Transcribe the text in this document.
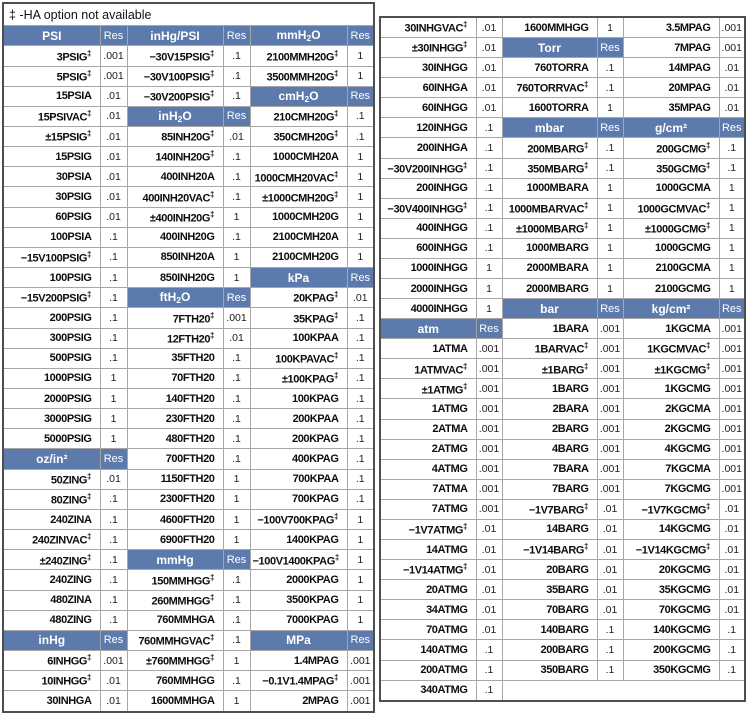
‡ -HA option not available					
PSI	Res	inHg/PSI	Res	mmH$_2$O	Res
3PSIG‡	.001	−30V15PSIG‡	.1	2100MMH20G‡	1
5PSIG‡	.001	−30V100PSIG‡	.1	3500MMH20G‡	1
15PSIA	.01	−30V200PSIG‡	.1	cmH$_2$O	Res
15PSIVAC‡	.01	inH$_2$O	Res	210CMH20G‡	.1
±15PSIG‡	.01	85INH20G‡	.01	350CMH20G‡	.1
15PSIG	.01	140INH20G‡	.1	1000CMH20A	1
30PSIA	.01	400INH20A	.1	1000CMH20VAC‡	1
30PSIG	.01	400INH20VAC‡	.1	±1000CMH20G‡	1
60PSIG	.01	±400INH20G‡	1	1000CMH20G	1
100PSIA	.1	400INH20G	.1	2100CMH20A	1
−15V100PSIG‡	.1	850INH20A	1	2100CMH20G	1
100PSIG	.1	850INH20G	1	kPa	Res
−15V200PSIG‡	.1	ftH$_2$O	Res	20KPAG‡	.01
200PSIG	.1	7FTH20‡	.001	35KPAG‡	.1
300PSIG	.1	12FTH20‡	.01	100KPAA	.1
500PSIG	.1	35FTH20	.1	100KPAVAC‡	.1
1000PSIG	1	70FTH20	.1	±100KPAG‡	.1
2000PSIG	1	140FTH20	.1	100KPAG	.1
3000PSIG	1	230FTH20	.1	200KPAA	.1
5000PSIG	1	480FTH20	.1	200KPAG	.1
oz/in²	Res	700FTH20	.1	400KPAG	.1
50ZING‡	.01	1150FTH20	1	700KPAA	.1
80ZING‡	.1	2300FTH20	1	700KPAG	.1
240ZINA	.1	4600FTH20	1	−100V700KPAG‡	1
240ZINVAC‡	.1	6900FTH20	1	1400KPAG	1
±240ZING‡	.1	mmHg	Res	−100V1400KPAG‡	1
240ZING	.1	150MMHGG‡	.1	2000KPAG	1
480ZINA	.1	260MMHGG‡	.1	3500KPAG	1
480ZING	.1	760MMHGA	.1	7000KPAG	1
inHg	Res	760MMHGVAC‡	.1	MPa	Res
6INHGG‡	.001	±760MMHGG‡	1	1.4MPAG	.001
10INHGG‡	.01	760MMHGG	.1	−0.1V1.4MPAG‡	.001
30INHGA	.01	1600MMHGA	1	2MPAG	.001
30INHGVAC‡	.01	1600MMHGG	1	3.5MPAG	.001
±30INHGG‡	.01	Torr	Res	7MPAG	.001
30INHGG	.01	760TORRA	.1	14MPAG	.01
60INHGA	.01	760TORRVAC‡	.1	20MPAG	.01
60INHGG	.01	1600TORRA	1	35MPAG	.01
120INHGG	.1	mbar	Res	g/cm²	Res
200INHGA	.1	200MBARG‡	.1	200GCMG‡	.1
−30V200INHGG‡	.1	350MBARG‡	.1	350GCMG‡	.1
200INHGG	.1	1000MBARA	1	1000GCMA	1
−30V400INHGG‡	.1	1000MBARVAC‡	1	1000GCMVAC‡	1
400INHGG	.1	±1000MBARG‡	1	±1000GCMG‡	1
600INHGG	.1	1000MBARG	1	1000GCMG	1
1000INHGG	1	2000MBARA	1	2100GCMA	1
2000INHGG	1	2000MBARG	1	2100GCMG	1
4000INHGG	1	bar	Res	kg/cm²	Res
atm	Res	1BARA	.001	1KGCMA	.001
1ATMA	.001	1BARVAC‡	.001	1KGCMVAC‡	.001
1ATMVAC‡	.001	±1BARG‡	.001	±1KGCMG‡	.001
±1ATMG‡	.001	1BARG	.001	1KGCMG	.001
1ATMG	.001	2BARA	.001	2KGCMA	.001
2ATMA	.001	2BARG	.001	2KGCMG	.001
2ATMG	.001	4BARG	.001	4KGCMG	.001
4ATMG	.001	7BARA	.001	7KGCMA	.001
7ATMA	.001	7BARG	.001	7KGCMG	.001
7ATMG	.001	−1V7BARG‡	.01	−1V7KGCMG‡	.01
−1V7ATMG‡	.01	14BARG	.01	14KGCMG	.01
14ATMG	.01	−1V14BARG‡	.01	−1V14KGCMG‡	.01
−1V14ATMG‡	.01	20BARG	.01	20KGCMG	.01
20ATMG	.01	35BARG	.01	35KGCMG	.01
34ATMG	.01	70BARG	.01	70KGCMG	.01
70ATMG	.01	140BARG	.1	140KGCMG	.1
140ATMG	.1	200BARG	.1	200KGCMG	.1
200ATMG	.1	350BARG	.1	350KGCMG	.1
340ATMG	.1				
